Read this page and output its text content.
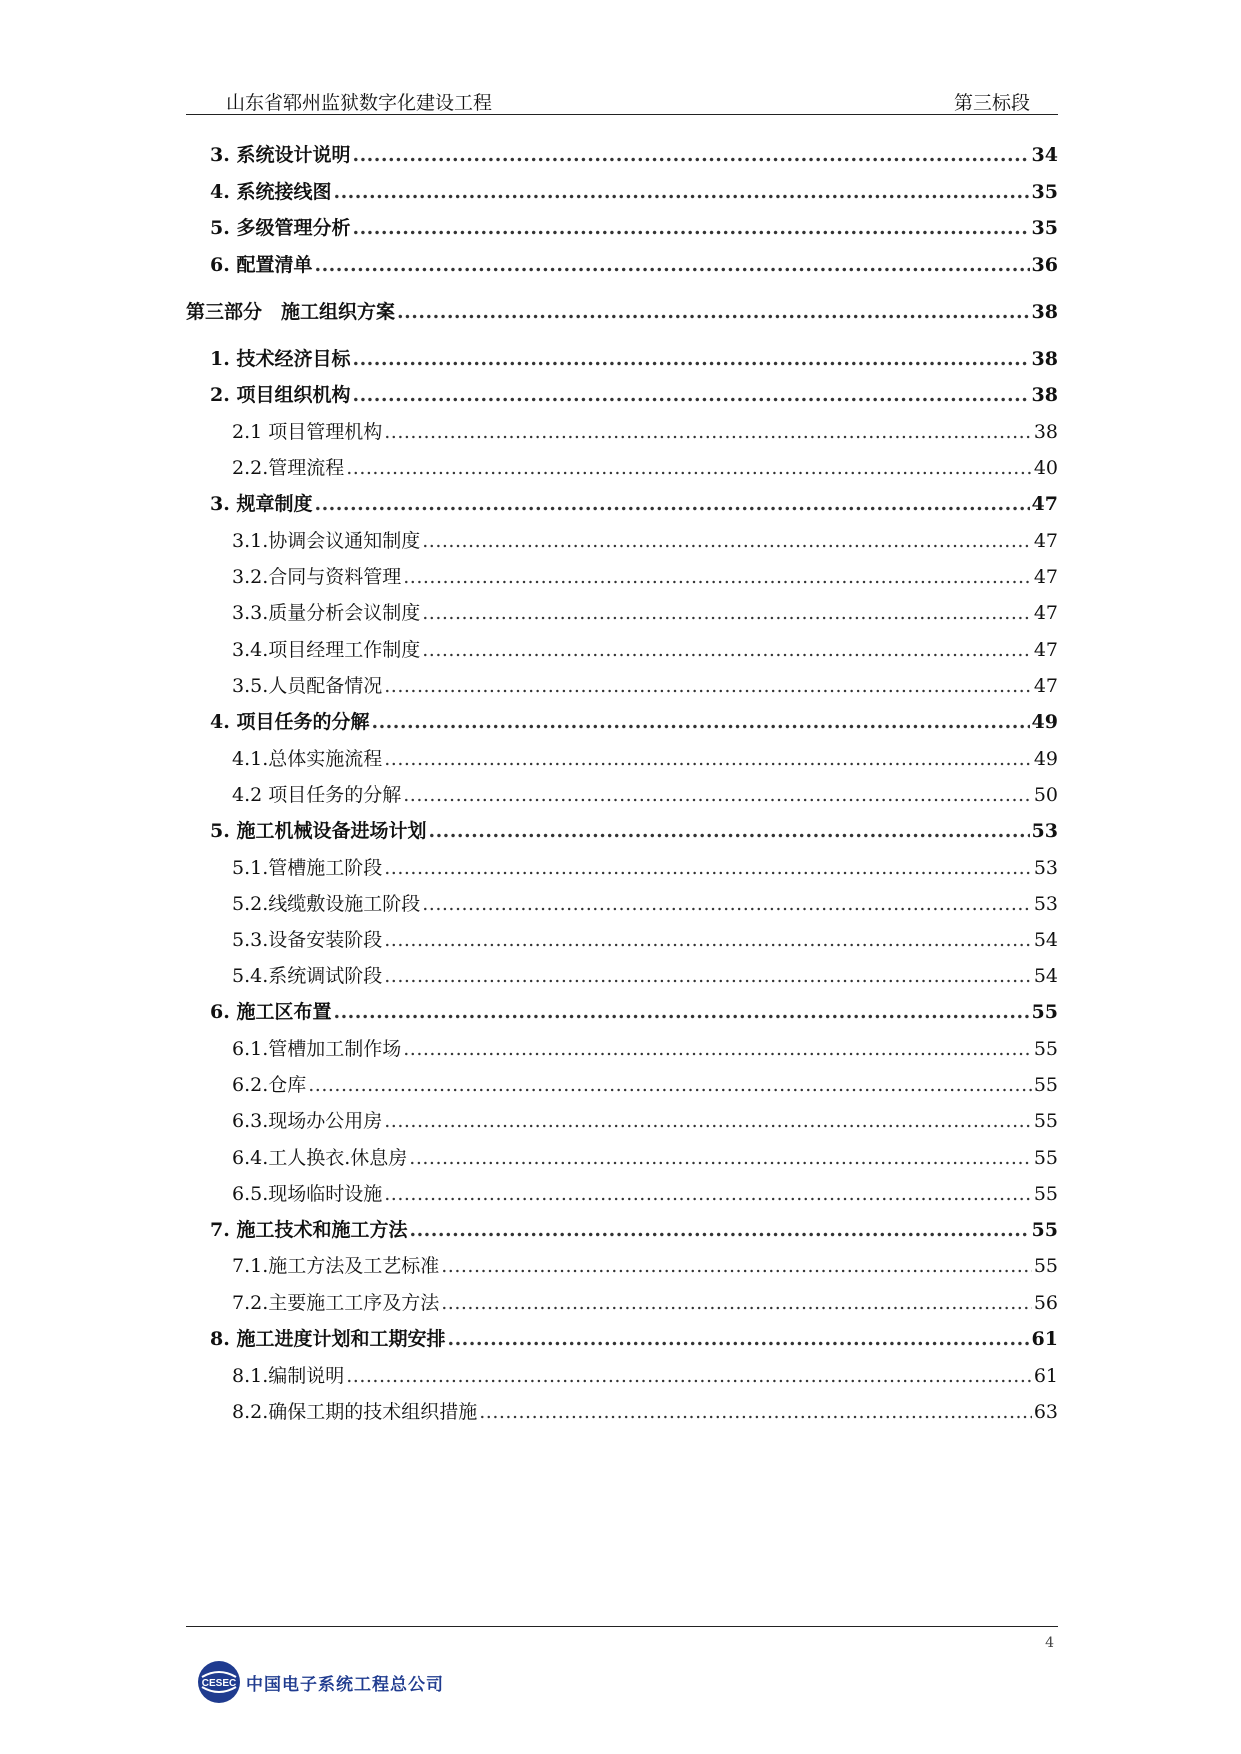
山东省郓州监狱数字化建设工程	第三标段
3. 系统设计说明 .....	34
4. 系统接线图 .....	35
5. 多级管理分析 .....	35
6. 配置清单 .....	36
第三部分　施工组织方案 .....	38
1. 技术经济目标 .....	38
2. 项目组织机构 .....	38
2.1 项目管理机构 .....	38
2.2.管理流程 .....	40
3. 规章制度 .....	47
3.1.协调会议通知制度 .....	47
3.2.合同与资料管理 .....	47
3.3.质量分析会议制度 .....	47
3.4.项目经理工作制度 .....	47
3.5.人员配备情况 .....	47
4. 项目任务的分解 .....	49
4.1.总体实施流程 .....	49
4.2 项目任务的分解 .....	50
5. 施工机械设备进场计划 .....	53
5.1.管槽施工阶段 .....	53
5.2.线缆敷设施工阶段 .....	53
5.3.设备安装阶段 .....	54
5.4.系统调试阶段 .....	54
6. 施工区布置 .....	55
6.1.管槽加工制作场 .....	55
6.2.仓库 .....	55
6.3.现场办公用房 .....	55
6.4.工人换衣.休息房 .....	55
6.5.现场临时设施 .....	55
7. 施工技术和施工方法 .....	55
7.1.施工方法及工艺标准 .....	55
7.2.主要施工工序及方法 .....	56
8. 施工进度计划和工期安排 .....	61
8.1.编制说明 .....	61
8.2.确保工期的技术组织措施 .....	63
4
CESEC 中国电子系统工程总公司
